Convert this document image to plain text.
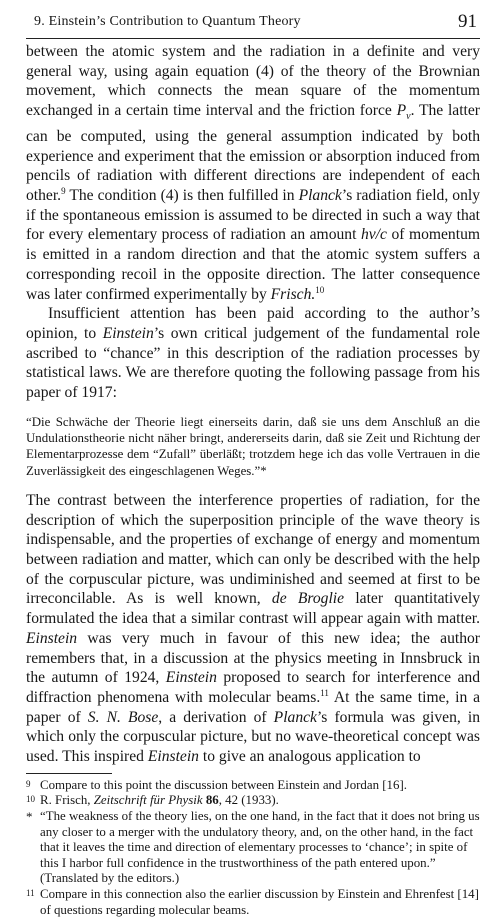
9. Einstein’s Contribution to Quantum Theory	91

between the atomic system and the radiation in a definite and very general way, using again equation (4) of the theory of the Brownian movement, which connects the mean square of the momentum exchanged in a certain time interval and the friction force $P_v$. The latter can be computed, using the general assumption indicated by both experience and experiment that the emission or absorption induced from pencils of radiation with different directions are independent of each other.$^9$ The condition (4) is then fulfilled in Planck’s radiation field, only if the spontaneous emission is assumed to be directed in such a way that for every elementary process of radiation an amount hv/c of momentum is emitted in a random direction and that the atomic system suffers a corresponding recoil in the opposite direction. The latter consequence was later confirmed experimentally by Frisch.$^{10}$

Insufficient attention has been paid according to the author’s opinion, to Einstein’s own critical judgement of the fundamental role ascribed to “chance” in this description of the radiation processes by statistical laws. We are therefore quoting the following passage from his paper of 1917:

“Die Schwäche der Theorie liegt einerseits darin, daß sie uns dem Anschluß an die Undulationstheorie nicht näher bringt, andererseits darin, daß sie Zeit und Richtung der Elementarprozesse dem “Zufall” überläßt; trotzdem hege ich das volle Vertrauen in die Zuverlässigkeit des eingeschlagenen Weges.”*

The contrast between the interference properties of radiation, for the description of which the superposition principle of the wave theory is indispensable, and the properties of exchange of energy and momentum between radiation and matter, which can only be described with the help of the corpuscular picture, was undiminished and seemed at first to be irreconcilable. As is well known, de Broglie later quantitatively formulated the idea that a similar contrast will appear again with matter. Einstein was very much in favour of this new idea; the author remembers that, in a discussion at the physics meeting in Innsbruck in the autumn of 1924, Einstein proposed to search for interference and diffraction phenomena with molecular beams.$^{11}$ At the same time, in a paper of S. N. Bose, a derivation of Planck’s formula was given, in which only the corpuscular picture, but no wave-theoretical concept was used. This inspired Einstein to give an analogous application to

9 Compare to this point the discussion between Einstein and Jordan [16].

10 R. Frisch, Zeitschrift für Physik 86, 42 (1933).

* “The weakness of the theory lies, on the one hand, in the fact that it does not bring us any closer to a merger with the undulatory theory, and, on the other hand, in the fact that it leaves the time and direction of elementary processes to ‘chance’; in spite of this I harbor full confidence in the trustworthiness of the path entered upon.” (Translated by the editors.)

11 Compare in this connection also the earlier discussion by Einstein and Ehrenfest [14] of questions regarding molecular beams.
